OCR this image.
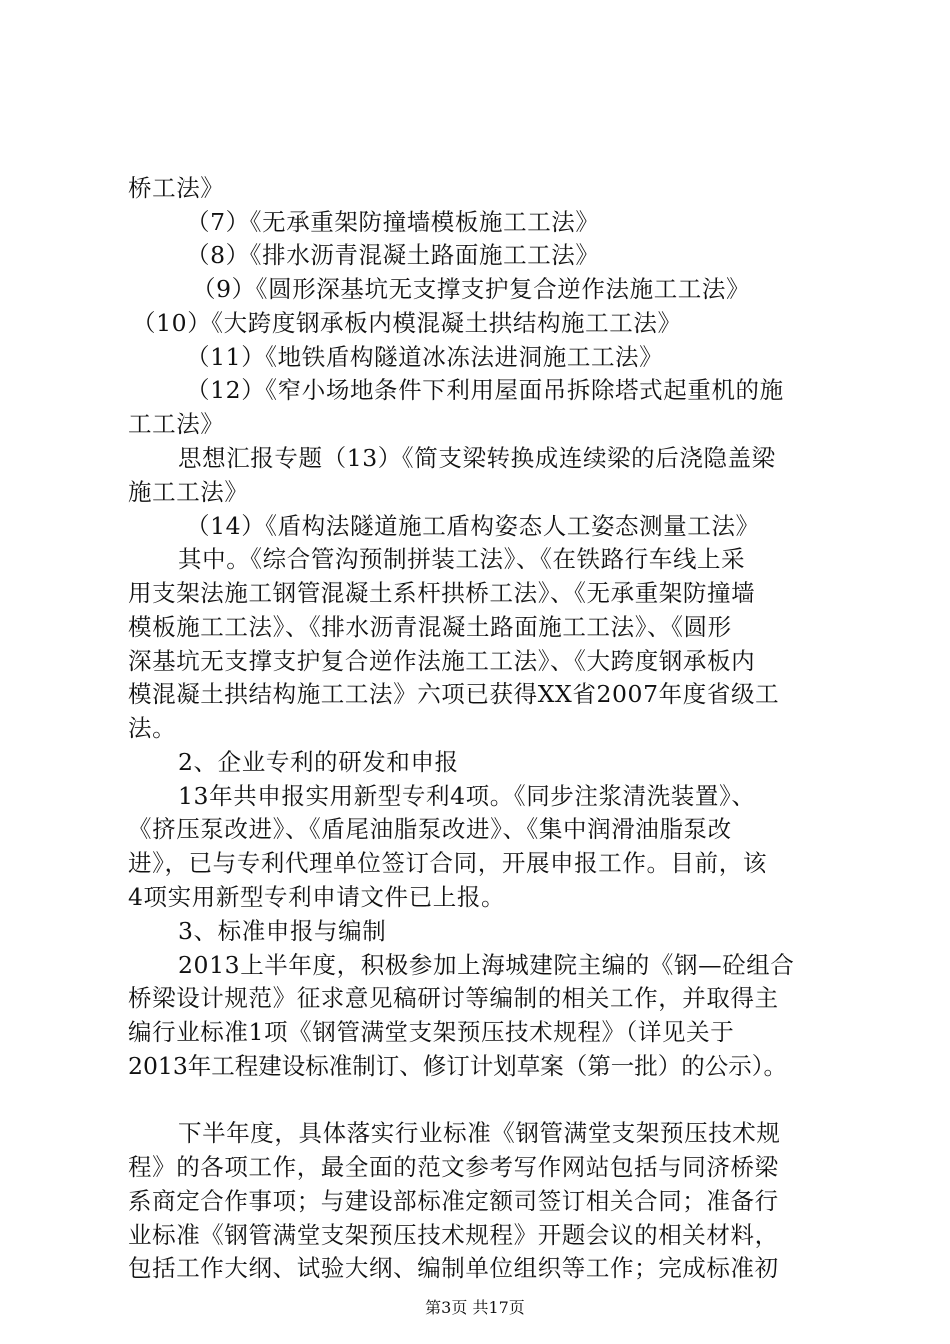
桥工法》
（7）《无承重架防撞墙模板施工工法》
（8）《排水沥青混凝土路面施工工法》
（9）《圆形深基坑无支撑支护复合逆作法施工工法》
（10）《大跨度钢承板内模混凝土拱结构施工工法》
（11）《地铁盾构隧道冰冻法进洞施工工法》
（12）《窄小场地条件下利用屋面吊拆除塔式起重机的施
工工法》
思想汇报专题（13）《简支梁转换成连续梁的后浇隐盖梁
施工工法》
（14）《盾构法隧道施工盾构姿态人工姿态测量工法》
其中。《综合管沟预制拼装工法》、《在铁路行车线上采
用支架法施工钢管混凝土系杆拱桥工法》、《无承重架防撞墙
模板施工工法》、《排水沥青混凝土路面施工工法》、《圆形
深基坑无支撑支护复合逆作法施工工法》、《大跨度钢承板内
模混凝土拱结构施工工法》六项已获得XX省2007年度省级工
法。
2、企业专利的研发和申报
13年共申报实用新型专利4项。《同步注浆清洗装置》、
《挤压泵改进》、《盾尾油脂泵改进》、《集中润滑油脂泵改
进》，已与专利代理单位签订合同，开展申报工作。目前，该
4项实用新型专利申请文件已上报。
3、标准申报与编制
2013上半年度，积极参加上海城建院主编的《钢—砼组合
桥梁设计规范》征求意见稿研讨等编制的相关工作，并取得主
编行业标准1项《钢管满堂支架预压技术规程》（详见关于
2013年工程建设标准制订、修订计划草案（第一批）的公示）。
下半年度，具体落实行业标准《钢管满堂支架预压技术规
程》的各项工作，最全面的范文参考写作网站包括与同济桥梁
系商定合作事项；与建设部标准定额司签订相关合同；准备行
业标准《钢管满堂支架预压技术规程》开题会议的相关材料，
包括工作大纲、试验大纲、编制单位组织等工作；完成标准初
第3页 共17页
